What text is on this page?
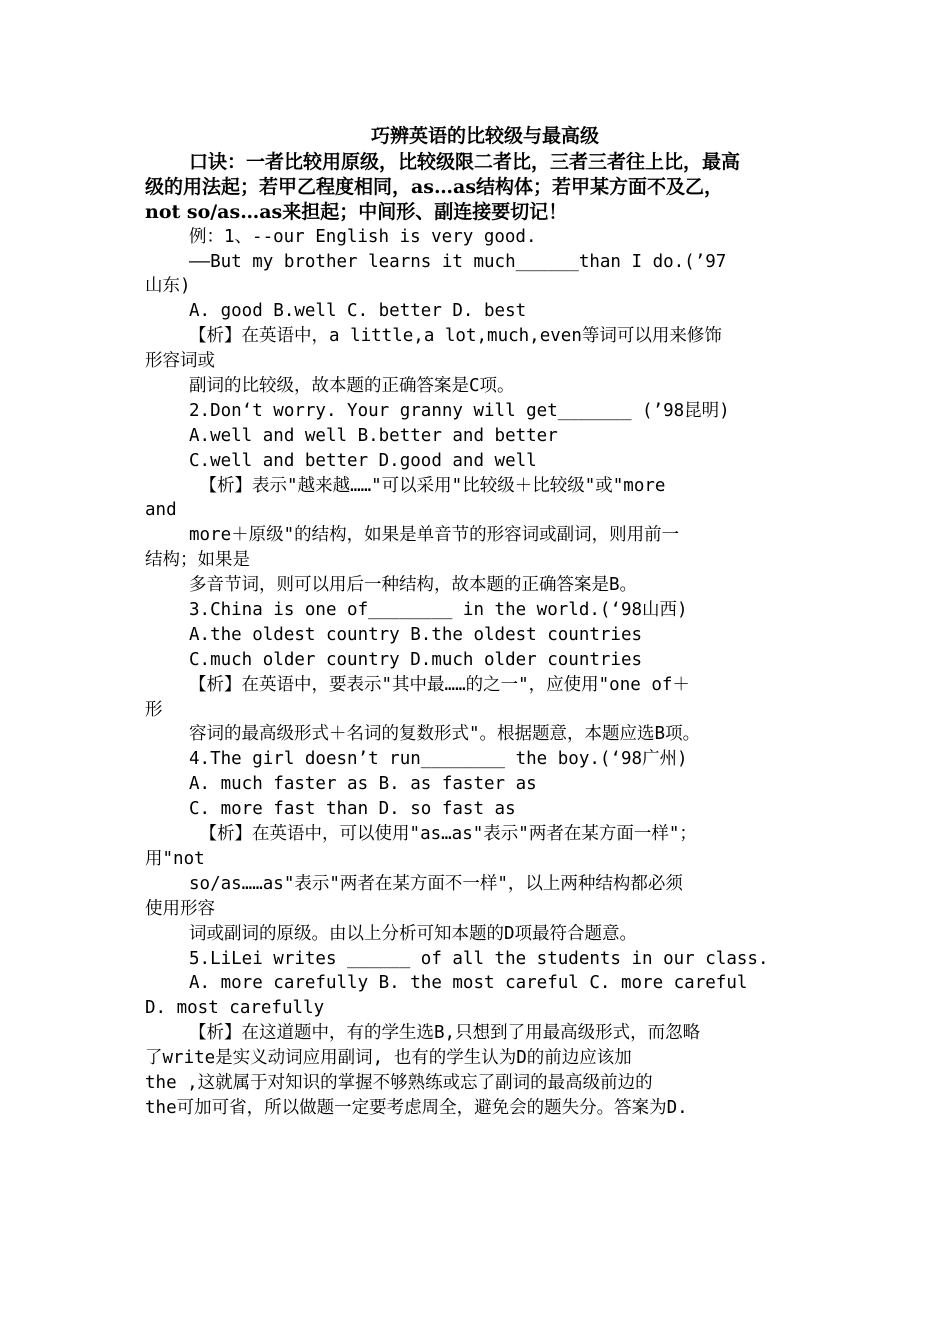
巧辨英语的比较级与最高级
口诀：一者比较用原级，比较级限二者比，三者三者往上比，最高
级的用法起；若甲乙程度相同，as…as结构体；若甲某方面不及乙，
not so/as…as来担起；中间形、副连接要切记！
例：1、--our English is very good.
——But my brother learns it much______than I do.(’97
山东)
A. good B.well C. better D. best
【析】在英语中，a little,a lot,much,even等词可以用来修饰
形容词或
副词的比较级，故本题的正确答案是C项。
2.Don‘t worry. Your granny will get_______ (’98昆明)
A.well and well B.better and better
C.well and better D.good and well
【析】表示"越来越……"可以采用"比较级＋比较级"或"more
and
more＋原级"的结构，如果是单音节的形容词或副词，则用前一
结构；如果是
多音节词，则可以用后一种结构，故本题的正确答案是B。
3.China is one of________ in the world.(‘98山西)
A.the oldest country B.the oldest countries
C.much older country D.much older countries
【析】在英语中，要表示"其中最……的之一"，应使用"one of＋
形
容词的最高级形式＋名词的复数形式"。根据题意，本题应选B项。
4.The girl doesn’t run________ the boy.(‘98广州)
A. much faster as B. as faster as
C. more fast than D. so fast as
【析】在英语中，可以使用"as…as"表示"两者在某方面一样"；
用"not
so/as……as"表示"两者在某方面不一样"，以上两种结构都必须
使用形容
词或副词的原级。由以上分析可知本题的D项最符合题意。
5.LiLei writes ______ of all the students in our class.
A. more carefully B. the most careful C. more careful
D. most carefully
【析】在这道题中，有的学生选B,只想到了用最高级形式，而忽略
了write是实义动词应用副词, 也有的学生认为D的前边应该加
the ,这就属于对知识的掌握不够熟练或忘了副词的最高级前边的
the可加可省，所以做题一定要考虑周全，避免会的题失分。答案为D.
